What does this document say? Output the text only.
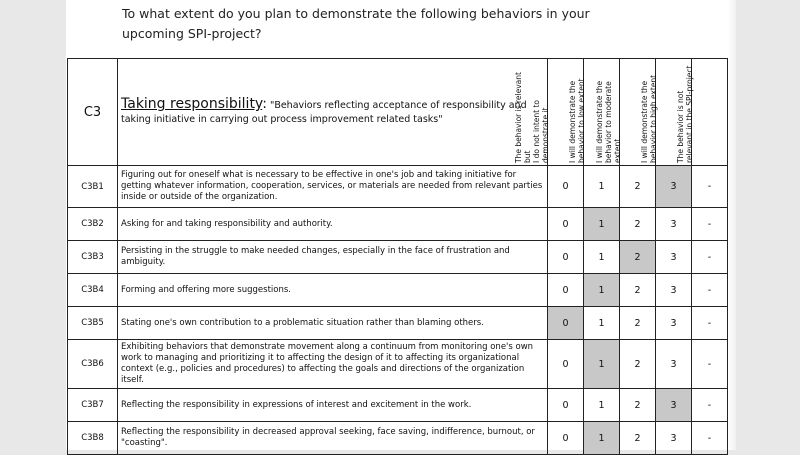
To what extent do you plan to demonstrate the following behaviors in your
upcoming SPI-project?
C3	Taking responsibility: "Behaviors reflecting acceptance of responsibility and taking initiative in carrying out process improvement related tasks"	The behavior is relevant but I do not intent to demonstrate it	I will demonstrate the behavior to low extent	I will demonstrate the behavior to moderate extent	I will demonstrate the behavior to high extent	The behavior is not relevant in the SPI-project

C3B1	Figuring out for oneself what is necessary to be effective in one's job and taking initiative for getting whatever information, cooperation, services, or materials are needed from relevant parties inside or outside of the organization.	0	1	2	3	-
C3B2	Asking for and taking responsibility and authority.	0	1	2	3	-
C3B3	Persisting in the struggle to make needed changes, especially in the face of frustration and ambiguity.	0	1	2	3	-
C3B4	Forming and offering more suggestions.	0	1	2	3	-
C3B5	Stating one's own contribution to a problematic situation rather than blaming others.	0	1	2	3	-
C3B6	Exhibiting behaviors that demonstrate movement along a continuum from monitoring one's own work to managing and prioritizing it to affecting the design of it to affecting its organizational context (e.g., policies and procedures) to affecting the goals and directions of the organization itself.	0	1	2	3	-
C3B7	Reflecting the responsibility in expressions of interest and excitement in the work.	0	1	2	3	-
C3B8	Reflecting the responsibility in decreased approval seeking, face saving, indifference, burnout, or "coasting".	0	1	2	3	-
